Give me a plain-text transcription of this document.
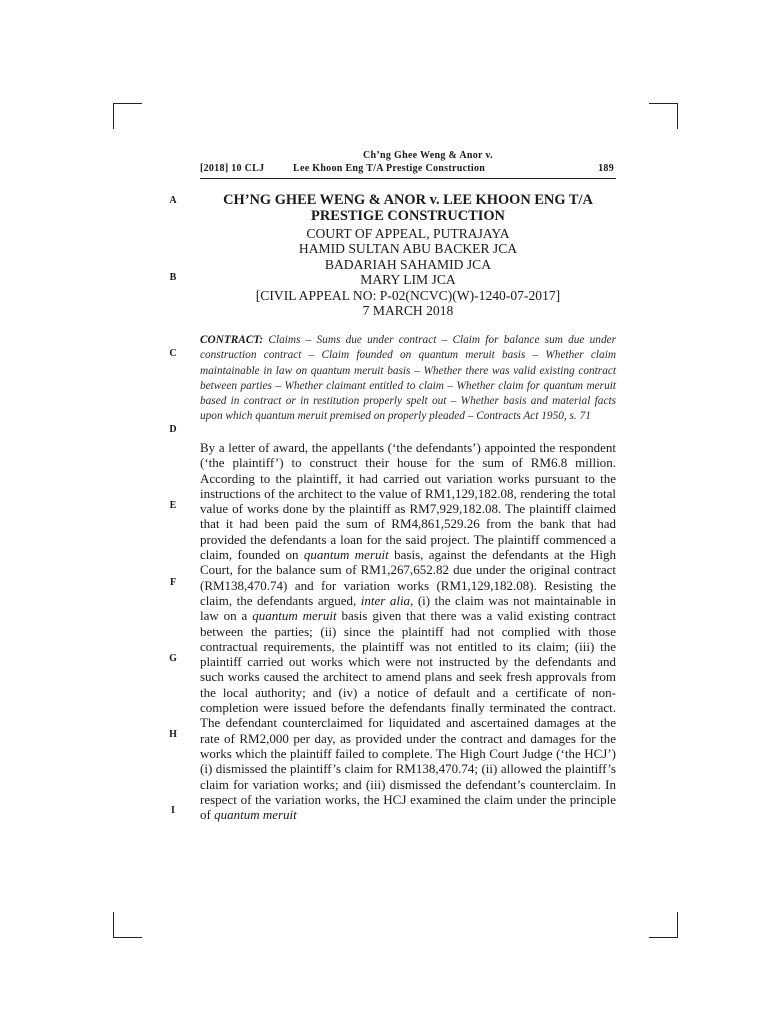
Ch’ng Ghee Weng & Anor v.
[2018] 10 CLJ	Lee Khoon Eng T/A Prestige Construction	189
A
B
C
D
E
F
G
H
I
CH’NG GHEE WENG & ANOR v. LEE KHOON ENG T/A PRESTIGE CONSTRUCTION
COURT OF APPEAL, PUTRAJAYA
HAMID SULTAN ABU BACKER JCA
BADARIAH SAHAMID JCA
MARY LIM JCA
[CIVIL APPEAL NO: P-02(NCVC)(W)-1240-07-2017]
7 MARCH 2018
CONTRACT: Claims – Sums due under contract – Claim for balance sum due under construction contract – Claim founded on quantum meruit basis – Whether claim maintainable in law on quantum meruit basis – Whether there was valid existing contract between parties – Whether claimant entitled to claim – Whether claim for quantum meruit based in contract or in restitution properly spelt out – Whether basis and material facts upon which quantum meruit premised on properly pleaded – Contracts Act 1950, s. 71
By a letter of award, the appellants (‘the defendants’) appointed the respondent (‘the plaintiff’) to construct their house for the sum of RM6.8 million. According to the plaintiff, it had carried out variation works pursuant to the instructions of the architect to the value of RM1,129,182.08, rendering the total value of works done by the plaintiff as RM7,929,182.08. The plaintiff claimed that it had been paid the sum of RM4,861,529.26 from the bank that had provided the defendants a loan for the said project. The plaintiff commenced a claim, founded on quantum meruit basis, against the defendants at the High Court, for the balance sum of RM1,267,652.82 due under the original contract (RM138,470.74) and for variation works (RM1,129,182.08). Resisting the claim, the defendants argued, inter alia, (i) the claim was not maintainable in law on a quantum meruit basis given that there was a valid existing contract between the parties; (ii) since the plaintiff had not complied with those contractual requirements, the plaintiff was not entitled to its claim; (iii) the plaintiff carried out works which were not instructed by the defendants and such works caused the architect to amend plans and seek fresh approvals from the local authority; and (iv) a notice of default and a certificate of non-completion were issued before the defendants finally terminated the contract. The defendant counterclaimed for liquidated and ascertained damages at the rate of RM2,000 per day, as provided under the contract and damages for the works which the plaintiff failed to complete. The High Court Judge (‘the HCJ’) (i) dismissed the plaintiff’s claim for RM138,470.74; (ii) allowed the plaintiff’s claim for variation works; and (iii) dismissed the defendant’s counterclaim. In respect of the variation works, the HCJ examined the claim under the principle of quantum meruit
